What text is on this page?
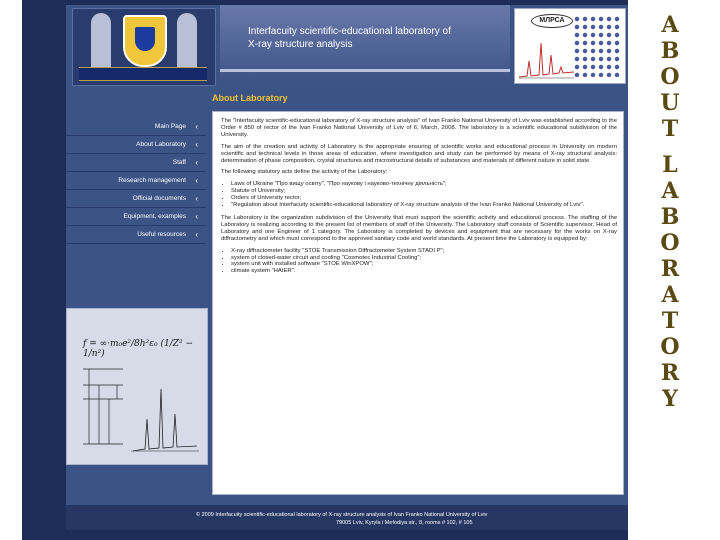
Interfacuity scientific-educational laboratory of
X-ray structure analysis
МЛРСА
About Laboratory
Main Page ‹
About Laboratory ‹
Staff ‹
Research management ‹
Official documents ‹
Equipment, examples ‹
Useful resources ‹
f = ∞·m₀e²/8h²ε₀ (1/Z² − 1/n²)

The "Interfacuity scientific-educational laboratory of X-ray structure analysis" of Ivan Franko National University of Lviv was established according to the Order # 850 of rector of the Ivan Franko National University of Lviv of 6, March, 2008. The laboratory is a scientific educational subdivision of the University.

The aim of the creation and activity of Laboratory is the appropriate ensuring of scientific works and educational process in University on modern scientific and technical levels in those areas of education, where investigation and study can be performed by means of X-ray structural analysis: determination of phase composition, crystal structures and microstructural details of substances and materials of different nature in solid state.

The following statutory acts define the activity of the Laboratory:

• Laws of Ukraine "Про вищу освіту", "Про наукову і науково-технічну діяльність";
• Statute of University;
• Orders of University rector;
• "Regulation about Interfacuity scientific-educational laboratory of X-ray structure analysis of the Ivan Franko National University of Lviv".

The Laboratory is the organization subdivision of the University that must support the scientific activity and educational process. The staffing of the Laboratory is realizing according to the present list of members of staff of the University. The Laboratory staff consists of Scientific supervisor, Head of Laboratory and one Engineer of 1 category. The Laboratory is completed by devices and equipment that are necessary for the works on X-ray diffractometry and which must correspond to the approved sanitary code and world standards. At present time the Laboratory is equipped by:

• X-ray diffractometer facility "STOE Transmission Diffractometer System STADI P";
• system of closed-water circuit and cooling "Cosmotec Industrial Cooling";
• system unit with installed software "STOE WinXPOW";
• climate system "HAIER".
© 2009 Interfacuity scientific-educational laboratory of X-ray structure analysis of Ivan Franko National University of Lviv
79005 Lviv, Kyryla i Mefodiya str., 8, rooms # 102, # 105
A
B
O
U
T
L
A
B
O
R
A
T
O
R
Y
